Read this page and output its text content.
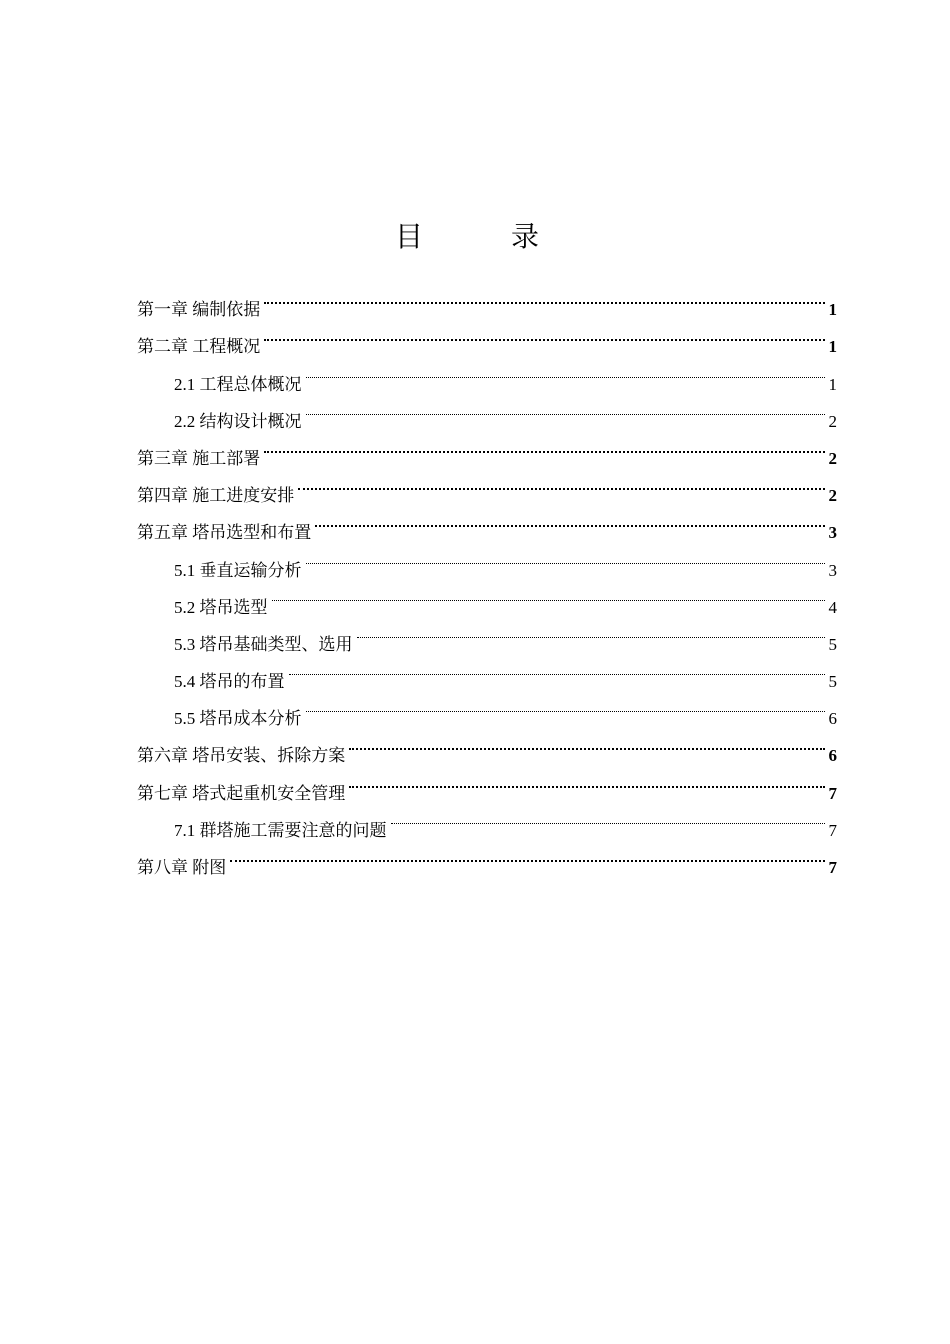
目　录
第一章 编制依据	1
第二章 工程概况	1
2.1 工程总体概况	1
2.2 结构设计概况	2
第三章 施工部署	2
第四章 施工进度安排	2
第五章 塔吊选型和布置	3
5.1 垂直运输分析	3
5.2 塔吊选型	4
5.3 塔吊基础类型、选用	5
5.4 塔吊的布置	5
5.5 塔吊成本分析	6
第六章 塔吊安装、拆除方案	6
第七章 塔式起重机安全管理	7
7.1 群塔施工需要注意的问题	7
第八章 附图	7
